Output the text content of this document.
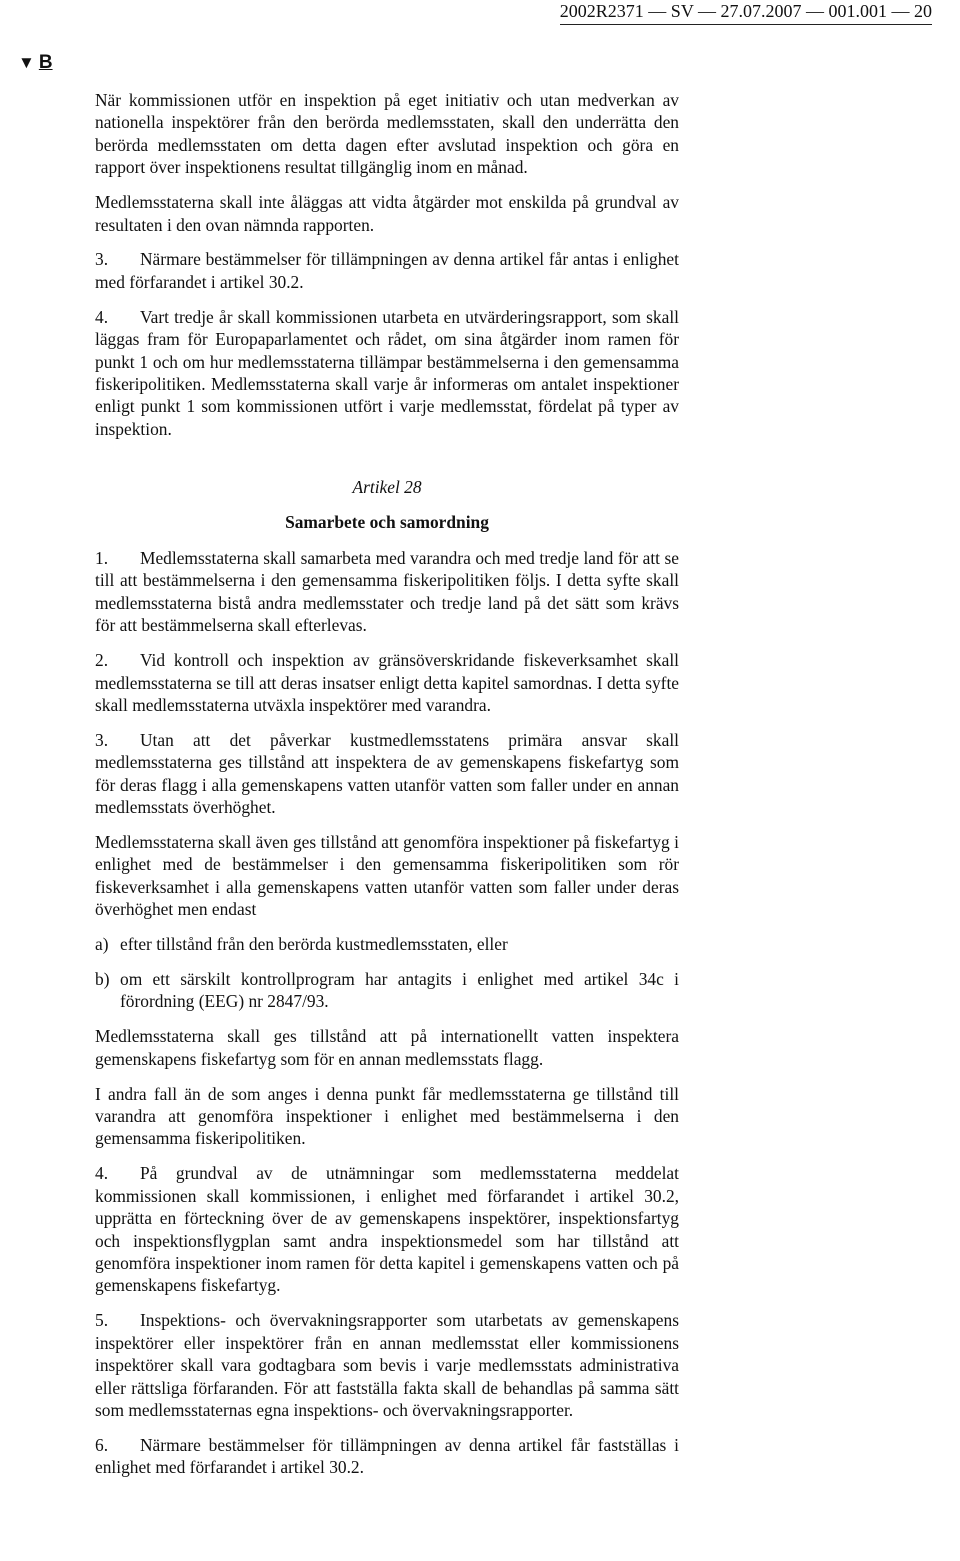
2002R2371 — SV — 27.07.2007 — 001.001 — 20
▼ B

När kommissionen utför en inspektion på eget initiativ och utan medverkan av nationella inspektörer från den berörda medlemsstaten, skall den underrätta den berörda medlemsstaten om detta dagen efter avslutad inspektion och göra en rapport över inspektionens resultat tillgänglig inom en månad.

Medlemsstaterna skall inte åläggas att vidta åtgärder mot enskilda på grundval av resultaten i den ovan nämnda rapporten.

3. Närmare bestämmelser för tillämpningen av denna artikel får antas i enlighet med förfarandet i artikel 30.2.

4. Vart tredje år skall kommissionen utarbeta en utvärderingsrapport, som skall läggas fram för Europaparlamentet och rådet, om sina åtgärder inom ramen för punkt 1 och om hur medlemsstaterna tillämpar bestämmelserna i den gemensamma fiskeripolitiken. Medlemsstaterna skall varje år informeras om antalet inspektioner enligt punkt 1 som kommissionen utfört i varje medlemsstat, fördelat på typer av inspektion.

Artikel 28
Samarbete och samordning

1. Medlemsstaterna skall samarbeta med varandra och med tredje land för att se till att bestämmelserna i den gemensamma fiskeripolitiken följs. I detta syfte skall medlemsstaterna bistå andra medlemsstater och tredje land på det sätt som krävs för att bestämmelserna skall efterlevas.

2. Vid kontroll och inspektion av gränsöverskridande fiskeverksamhet skall medlemsstaterna se till att deras insatser enligt detta kapitel samordnas. I detta syfte skall medlemsstaterna utväxla inspektörer med varandra.

3. Utan att det påverkar kustmedlemsstatens primära ansvar skall medlemsstaterna ges tillstånd att inspektera de av gemenskapens fiskefartyg som för deras flagg i alla gemenskapens vatten utanför vatten som faller under en annan medlemsstats överhöghet.

Medlemsstaterna skall även ges tillstånd att genomföra inspektioner på fiskefartyg i enlighet med de bestämmelser i den gemensamma fiskeripolitiken som rör fiskeverksamhet i alla gemenskapens vatten utanför vatten som faller under deras överhöghet men endast

a) efter tillstånd från den berörda kustmedlemsstaten, eller
b) om ett särskilt kontrollprogram har antagits i enlighet med artikel 34c i förordning (EEG) nr 2847/93.

Medlemsstaterna skall ges tillstånd att på internationellt vatten inspektera gemenskapens fiskefartyg som för en annan medlemsstats flagg.

I andra fall än de som anges i denna punkt får medlemsstaterna ge tillstånd till varandra att genomföra inspektioner i enlighet med bestämmelserna i den gemensamma fiskeripolitiken.

4. På grundval av de utnämningar som medlemsstaterna meddelat kommissionen skall kommissionen, i enlighet med förfarandet i artikel 30.2, upprätta en förteckning över de av gemenskapens inspektörer, inspektionsfartyg och inspektionsflygplan samt andra inspektionsmedel som har tillstånd att genomföra inspektioner inom ramen för detta kapitel i gemenskapens vatten och på gemenskapens fiskefartyg.

5. Inspektions- och övervakningsrapporter som utarbetats av gemenskapens inspektörer eller inspektörer från en annan medlemsstat eller kommissionens inspektörer skall vara godtagbara som bevis i varje medlemsstats administrativa eller rättsliga förfaranden. För att fastställa fakta skall de behandlas på samma sätt som medlemsstaternas egna inspektions- och övervakningsrapporter.

6. Närmare bestämmelser för tillämpningen av denna artikel får fastställas i enlighet med förfarandet i artikel 30.2.
